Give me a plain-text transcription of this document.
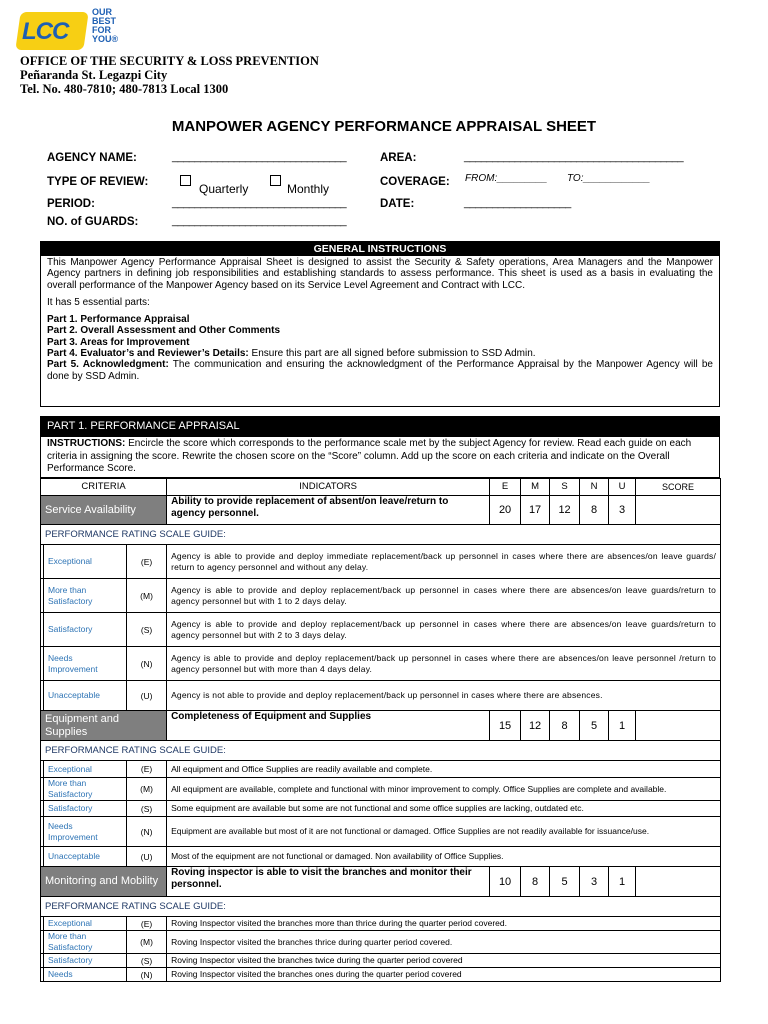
LCC
OUR BEST FOR YOU®
OFFICE OF THE SECURITY & LOSS PREVENTION
Peñaranda St. Legazpi City
Tel. No. 480-7810; 480-7813 Local 1300
MANPOWER AGENCY PERFORMANCE APPRAISAL SHEET
AGENCY NAME:	_______________________________	AREA:	_______________________________________
TYPE OF REVIEW:	Quarterly	Monthly	COVERAGE: FROM:_________ TO:____________
PERIOD:	_______________________________	DATE:	___________________
NO. of GUARDS:	_______________________________
GENERAL INSTRUCTIONS

This Manpower Agency Performance Appraisal Sheet is designed to assist the Security & Safety operations, Area Managers and the Manpower Agency partners in defining job responsibilities and establishing standards to assess performance. This sheet is used as a basis in evaluating the overall performance of the Manpower Agency based on its Service Level Agreement and Contract with LCC.

It has 5 essential parts:

Part 1. Performance Appraisal
Part 2. Overall Assessment and Other Comments
Part 3. Areas for Improvement
Part 4. Evaluator’s and Reviewer’s Details: Ensure this part are all signed before submission to SSD Admin.
Part 5. Acknowledgment: The communication and ensuring the acknowledgment of the Performance Appraisal by the Manpower Agency will be done by SSD Admin.
PART 1. PERFORMANCE APPRAISAL
INSTRUCTIONS: Encircle the score which corresponds to the performance scale met by the subject Agency for review. Read each guide on each criteria in assigning the score. Rewrite the chosen score on the “Score” column. Add up the score on each criteria and indicate on the Overall Performance Score.
CRITERIA			INDICATORS	E	M	S	N	U	SCORE
Service Availability			Ability to provide replacement of absent/on leave/return to agency personnel.	20	17	12	8	3	
PERFORMANCE RATING SCALE GUIDE:									
	Exceptional	(E)	Agency is able to provide and deploy immediate replacement/back up personnel in cases where there are absences/on leave guards/ return to agency personnel and without any delay.						
	More than Satisfactory	(M)	Agency is able to provide and deploy replacement/back up personnel in cases where there are absences/on leave guards/return to agency personnel but with 1 to 2 days delay.						
	Satisfactory	(S)	Agency is able to provide and deploy replacement/back up personnel in cases where there are absences/on leave guards/return to agency personnel but with 2 to 3 days delay.						
	Needs Improvement	(N)	Agency is able to provide and deploy replacement/back up personnel in cases where there are absences/on leave personnel /return to agency personnel but with more than 4 days delay.						
	Unacceptable	(U)	Agency is not able to provide and deploy replacement/back up personnel in cases where there are absences.						
Equipment and Supplies			Completeness of Equipment and Supplies	15	12	8	5	1	
PERFORMANCE RATING SCALE GUIDE:									
	Exceptional	(E)	All equipment and Office Supplies are readily available and complete.						
	More than Satisfactory	(M)	All equipment are available, complete and functional with minor improvement to comply. Office Supplies are complete and available.						
	Satisfactory	(S)	Some equipment are available but some are not functional and some office supplies are lacking, outdated etc.						
	Needs Improvement	(N)	Equipment are available but most of it are not functional or damaged. Office Supplies are not readily available for issuance/use.						
	Unacceptable	(U)	Most of the equipment are not functional or damaged. Non availability of Office Supplies.						
Monitoring and Mobility			Roving inspector is able to visit the branches and monitor their personnel.	10	8	5	3	1	
PERFORMANCE RATING SCALE GUIDE:									
	Exceptional	(E)	Roving Inspector visited the branches more than thrice during the quarter period covered.						
	More than Satisfactory	(M)	Roving Inspector visited the branches thrice during quarter period covered.						
	Satisfactory	(S)	Roving Inspector visited the branches twice during the quarter period covered						
	Needs	(N)	Roving Inspector visited the branches ones during the quarter period covered						
